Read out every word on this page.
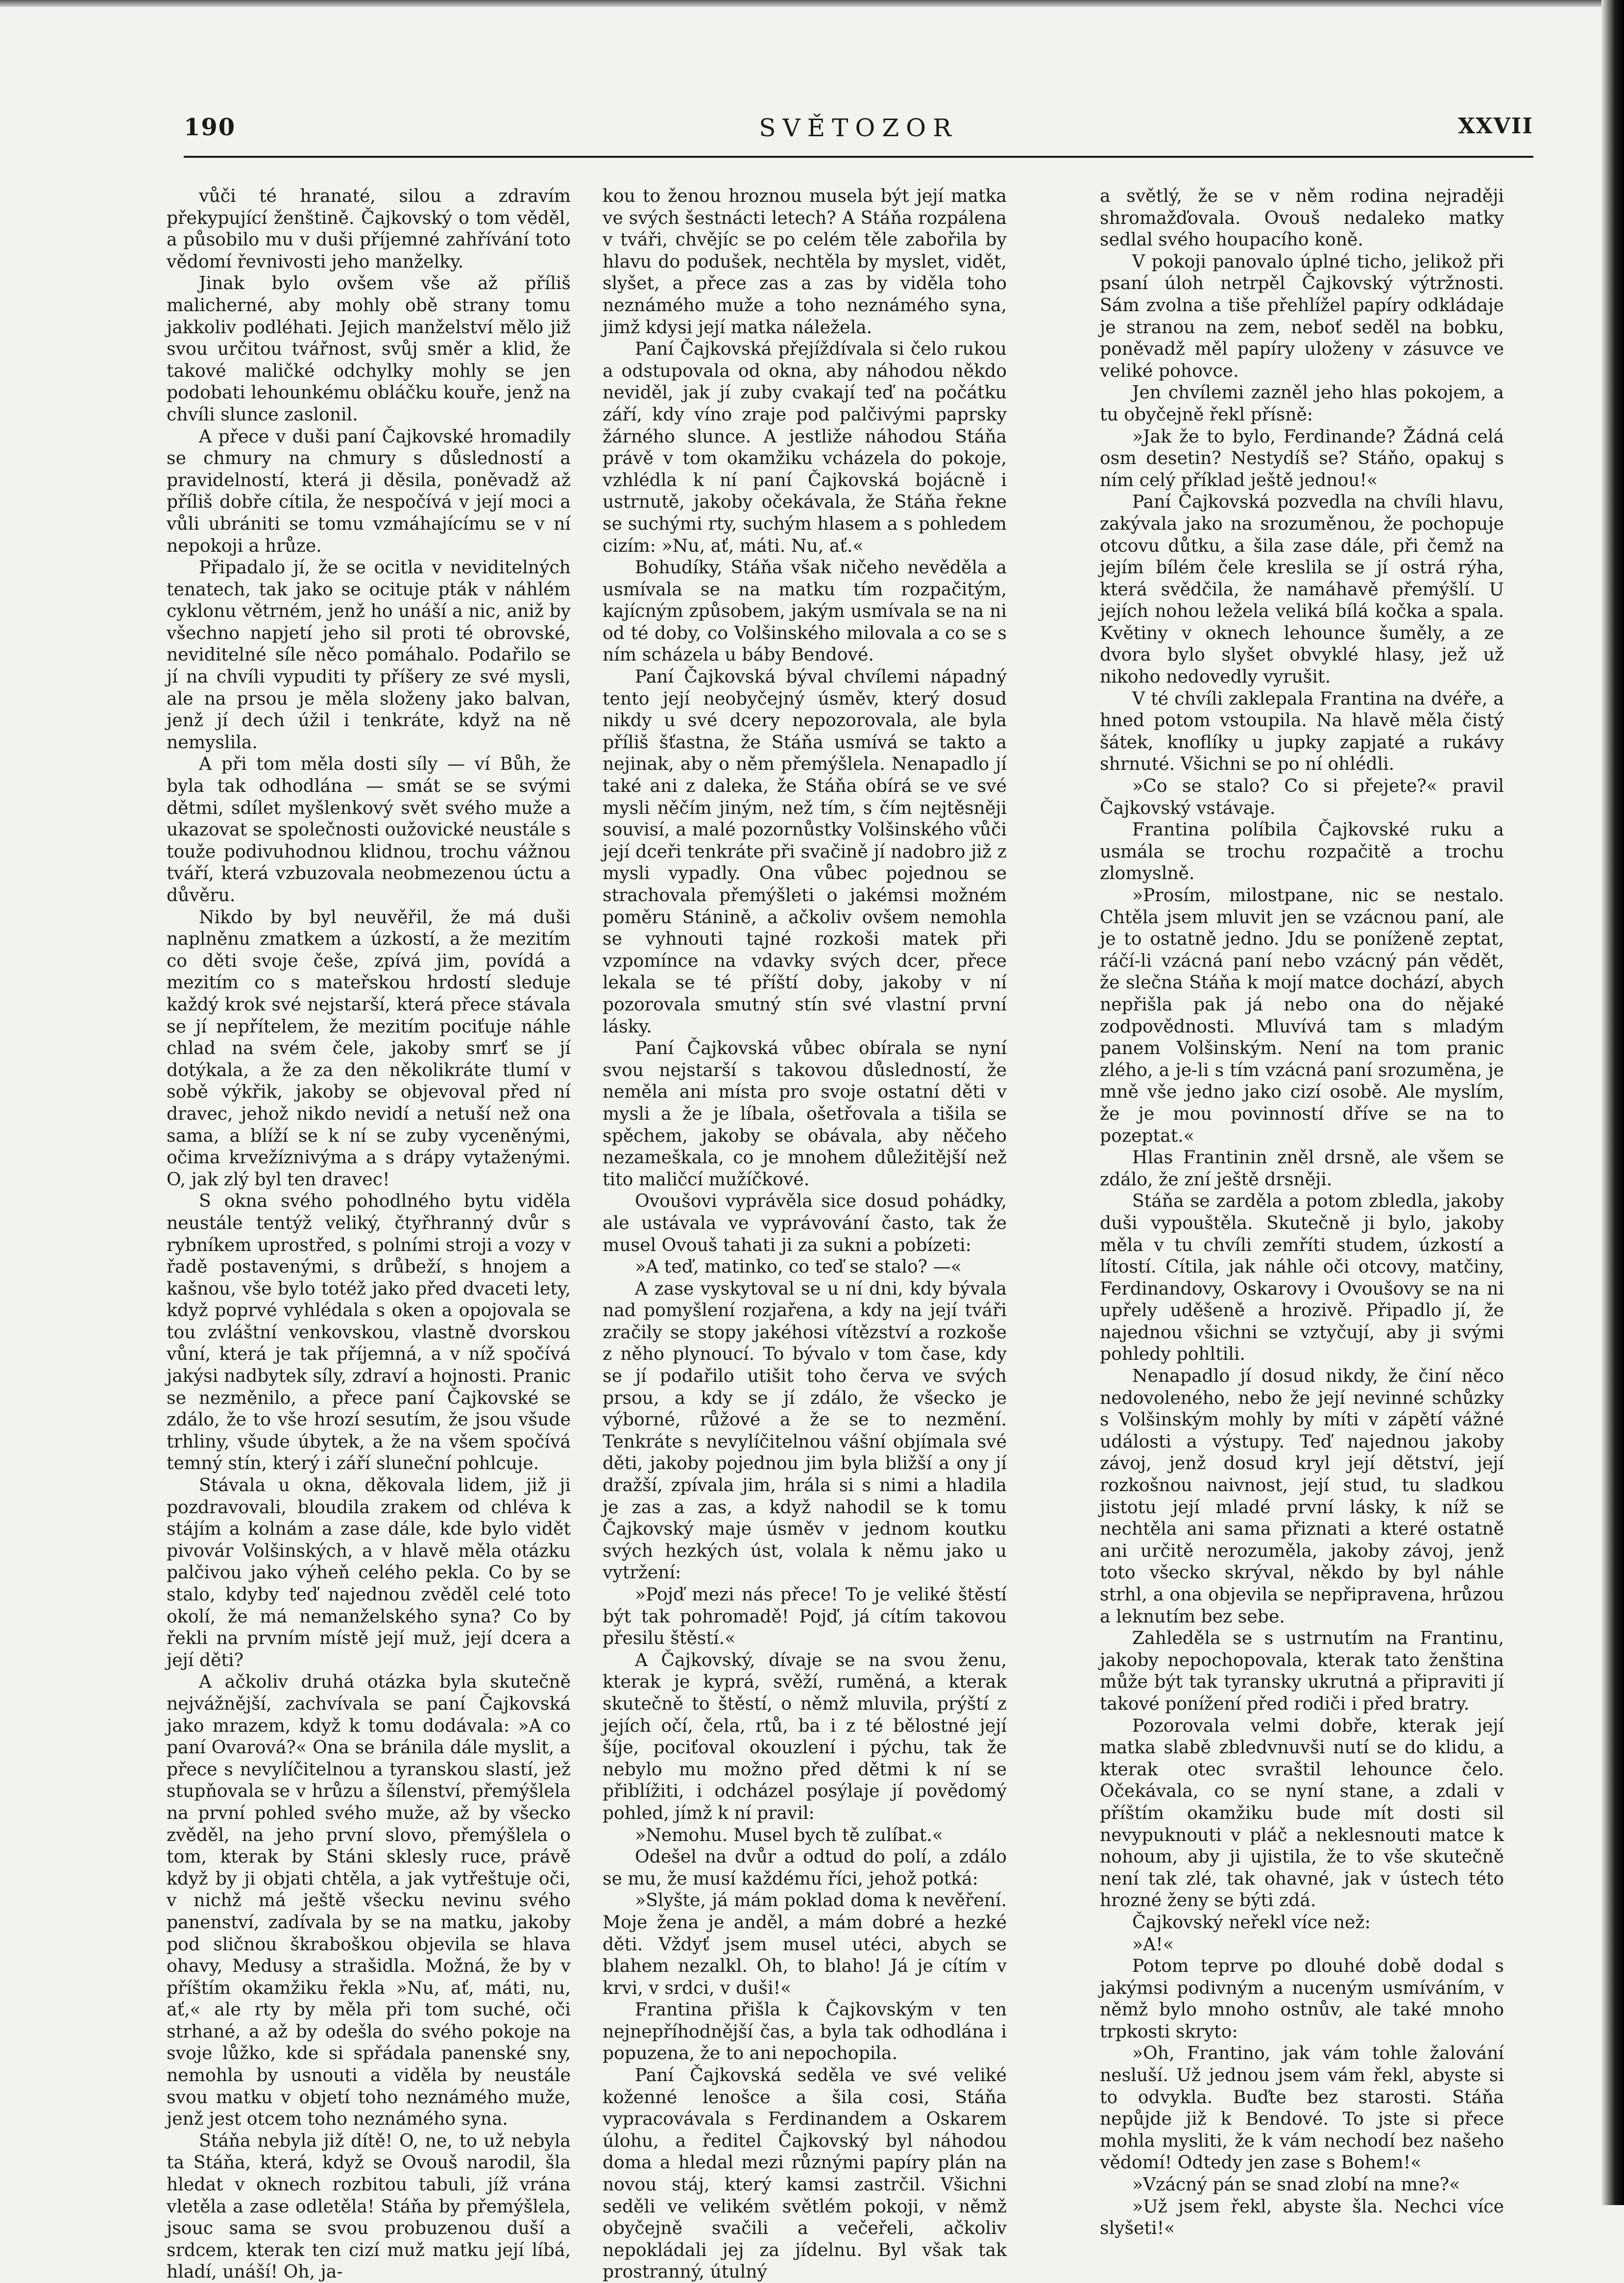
SVĚTOZOR
190	XXVII

vůči té hranaté, silou a zdravím překypující ženštině. Čajkovský o tom věděl, a působilo mu v duši příjemné zahřívání toto vědomí řevnivosti jeho manželky.

Jinak bylo ovšem vše až příliš malicherné, aby mohly obě strany tomu jakkoliv podléhati. Jejich manželství mělo již svou určitou tvářnost, svůj směr a klid, že takové maličké odchylky mohly se jen podobati lehounkému obláčku kouře, jenž na chvíli slunce zaslonil.

A přece v duši paní Čajkovské hromadily se chmury na chmury s důsledností a pravidelností, která ji děsila, poněvadž až příliš dobře cítila, že nespočívá v její moci a vůli ubrániti se tomu vzmáhajícímu se v ní nepokoji a hrůze.

Připadalo jí, že se ocitla v neviditelných tenatech, tak jako se ocituje pták v náhlém cyklonu větrném, jenž ho unáší a nic, aniž by všechno napjetí jeho sil proti té obrovské, neviditelné síle něco pomáhalo. Podařilo se jí na chvíli vypuditi ty příšery ze své mysli, ale na prsou je měla složeny jako balvan, jenž jí dech úžil i tenkráte, když na ně nemyslila.

A při tom měla dosti síly — ví Bůh, že byla tak odhodlána — smát se se svými dětmi, sdílet myšlenkový svět svého muže a ukazovat se společnosti oužovické neustále s touže podivuhodnou klidnou, trochu vážnou tváří, která vzbuzovala neobmezenou úctu a důvěru.

Nikdo by byl neuvěřil, že má duši naplněnu zmatkem a úzkostí, a že mezitím co děti svoje češe, zpívá jim, povídá a mezitím co s mateřskou hrdostí sleduje každý krok své nejstarší, která přece stávala se jí nepřítelem, že mezitím pociťuje náhle chlad na svém čele, jakoby smrť se jí dotýkala, a že za den několikráte tlumí v sobě výkřik, jakoby se objevoval před ní dravec, jehož nikdo nevidí a netuší než ona sama, a blíží se k ní se zuby vyceněnými, očima krvežíznivýma a s drápy vytaženými. O, jak zlý byl ten dravec!

S okna svého pohodlného bytu viděla neustále tentýž veliký, čtyřhranný dvůr s rybníkem uprostřed, s polními stroji a vozy v řadě postavenými, s drůbeží, s hnojem a kašnou, vše bylo totéž jako před dvaceti lety, když poprvé vyhlédala s oken a opojovala se tou zvláštní venkovskou, vlastně dvorskou vůní, která je tak příjemná, a v níž spočívá jakýsi nadbytek síly, zdraví a hojnosti. Pranic se nezměnilo, a přece paní Čajkovské se zdálo, že to vše hrozí sesutím, že jsou všude trhliny, všude úbytek, a že na všem spočívá temný stín, který i září sluneční pohlcuje.

Stávala u okna, děkovala lidem, již ji pozdravovali, bloudila zrakem od chléva k stájím a kolnám a zase dále, kde bylo vidět pivovár Volšinských, a v hlavě měla otázku palčivou jako výheň celého pekla. Co by se stalo, kdyby teď najednou zvěděl celé toto okolí, že má nemanželského syna? Co by řekli na prvním místě její muž, její dcera a její děti?

A ačkoliv druhá otázka byla skutečně nejvážnější, zachvívala se paní Čajkovská jako mrazem, když k tomu dodávala: »A co paní Ovarová?« Ona se bránila dále myslit, a přece s nevylíčitelnou a tyranskou slastí, jež stupňovala se v hrůzu a šílenství, přemýšlela na první pohled svého muže, až by všecko zvěděl, na jeho první slovo, přemýšlela o tom, kterak by Stáni sklesly ruce, právě když by ji objati chtěla, a jak vytřeštuje oči, v nichž má ještě všecku nevinu svého panenství, zadívala by se na matku, jakoby pod sličnou škraboškou objevila se hlava ohavy, Medusy a strašidla. Možná, že by v příštím okamžiku řekla »Nu, ať, máti, nu, ať,« ale rty by měla při tom suché, oči strhané, a až by odešla do svého pokoje na svoje lůžko, kde si spřádala panenské sny, nemohla by usnouti a viděla by neustále svou matku v objetí toho neznámého muže, jenž jest otcem toho neznámého syna.

Stáňa nebyla již dítě! O, ne, to už nebyla ta Stáňa, která, když se Ovouš narodil, šla hledat v oknech rozbitou tabuli, jíž vrána vletěla a zase odletěla! Stáňa by přemýšlela, jsouc sama se svou probuzenou duší a srdcem, kterak ten cizí muž matku její líbá, hladí, unáší! Oh, ja-

kou to ženou hroznou musela být její matka ve svých šestnácti letech? A Stáňa rozpálena v tváři, chvějíc se po celém těle zabořila by hlavu do podušek, nechtěla by myslet, vidět, slyšet, a přece zas a zas by viděla toho neznámého muže a toho neznámého syna, jimž kdysi její matka náležela.

Paní Čajkovská přejíždívala si čelo rukou a odstupovala od okna, aby náhodou někdo neviděl, jak jí zuby cvakají teď na počátku září, kdy víno zraje pod palčivými paprsky žárného slunce. A jestliže náhodou Stáňa právě v tom okamžiku vcházela do pokoje, vzhlédla k ní paní Čajkovská bojácně i ustrnutě, jakoby očekávala, že Stáňa řekne se suchými rty, suchým hlasem a s pohledem cizím: »Nu, ať, máti. Nu, ať.«

Bohudíky, Stáňa však ničeho nevěděla a usmívala se na matku tím rozpačitým, kajícným způsobem, jakým usmívala se na ni od té doby, co Volšinského milovala a co se s ním scházela u báby Bendové.

Paní Čajkovská býval chvílemi nápadný tento její neobyčejný úsměv, který dosud nikdy u své dcery nepozorovala, ale byla příliš šťastna, že Stáňa usmívá se takto a nejinak, aby o něm přemýšlela. Nenapadlo jí také ani z daleka, že Stáňa obírá se ve své mysli něčím jiným, než tím, s čím nejtěsněji souvisí, a malé pozornůstky Volšinského vůči její dceři tenkráte při svačině jí nadobro již z mysli vypadly. Ona vůbec pojednou se strachovala přemýšleti o jakémsi možném poměru Stánině, a ačkoliv ovšem nemohla se vyhnouti tajné rozkoši matek při vzpomínce na vdavky svých dcer, přece lekala se té příští doby, jakoby v ní pozorovala smutný stín své vlastní první lásky.

Paní Čajkovská vůbec obírala se nyní svou nejstarší s takovou důsledností, že neměla ani místa pro svoje ostatní děti v mysli a že je líbala, ošetřovala a tišila se spěchem, jakoby se obávala, aby něčeho nezameškala, co je mnohem důležitější než tito maličcí mužíčkové.

Ovoušovi vyprávěla sice dosud pohádky, ale ustávala ve vyprávování často, tak že musel Ovouš tahati ji za sukni a pobízeti:

»A teď, matinko, co teď se stalo? —«

A zase vyskytoval se u ní dni, kdy bývala nad pomyšlení rozjařena, a kdy na její tváři zračily se stopy jakéhosi vítězství a rozkoše z něho plynoucí. To bývalo v tom čase, kdy se jí podařilo utišit toho červa ve svých prsou, a kdy se jí zdálo, že všecko je výborné, růžové a že se to nezmění. Tenkráte s nevylíčitelnou vášní objímala své děti, jakoby pojednou jim byla bližší a ony jí dražší, zpívala jim, hrála si s nimi a hladila je zas a zas, a když nahodil se k tomu Čajkovský maje úsměv v jednom koutku svých hezkých úst, volala k němu jako u vytržení:

»Pojď mezi nás přece! To je veliké štěstí být tak pohromadě! Pojď, já cítím takovou přesilu štěstí.«

A Čajkovský, dívaje se na svou ženu, kterak je kyprá, svěží, ruměná, a kterak skutečně to štěstí, o němž mluvila, prýští z jejích očí, čela, rtů, ba i z té bělostné její šíje, pociťoval okouzlení i pýchu, tak že nebylo mu možno před dětmi k ní se přiblížiti, i odcházel posýlaje jí povědomý pohled, jímž k ní pravil:

»Nemohu. Musel bych tě zulíbat.«

Odešel na dvůr a odtud do polí, a zdálo se mu, že musí každému říci, jehož potká:

»Slyšte, já mám poklad doma k nevěření. Moje žena je anděl, a mám dobré a hezké děti. Vždyť jsem musel utéci, abych se blahem nezalkl. Oh, to blaho! Já je cítím v krvi, v srdci, v duši!«

Frantina přišla k Čajkovským v ten nejnepříhodnější čas, a byla tak odhodlána i popuzena, že to ani nepochopila.

Paní Čajkovská seděla ve své veliké koženné lenošce a šila cosi, Stáňa vypracovávala s Ferdinandem a Oskarem úlohu, a ředitel Čajkovský byl náhodou doma a hledal mezi různými papíry plán na novou stáj, který kamsi zastrčil. Všichni seděli ve velikém světlém pokoji, v němž obyčejně svačili a večeřeli, ačkoliv nepokládali jej za jídelnu. Byl však tak prostranný, útulný

a světlý, že se v něm rodina nejraději shromažďovala. Ovouš nedaleko matky sedlal svého houpacího koně.

V pokoji panovalo úplné ticho, jelikož při psaní úloh netrpěl Čajkovský výtržnosti. Sám zvolna a tiše přehlížel papíry odkládaje je stranou na zem, neboť seděl na bobku, poněvadž měl papíry uloženy v zásuvce ve veliké pohovce.

Jen chvílemi zazněl jeho hlas pokojem, a tu obyčejně řekl přísně:

»Jak že to bylo, Ferdinande? Žádná celá osm desetin? Nestydíš se? Stáňo, opakuj s ním celý příklad ještě jednou!«

Paní Čajkovská pozvedla na chvíli hlavu, zakývala jako na srozuměnou, že pochopuje otcovu důtku, a šila zase dále, při čemž na jejím bílém čele kreslila se jí ostrá rýha, která svědčila, že namáhavě přemýšlí. U jejích nohou ležela veliká bílá kočka a spala. Květiny v oknech lehounce šuměly, a ze dvora bylo slyšet obvyklé hlasy, jež už nikoho nedovedly vyrušit.

V té chvíli zaklepala Frantina na dvéře, a hned potom vstoupila. Na hlavě měla čistý šátek, knoflíky u jupky zapjaté a rukávy shrnuté. Všichni se po ní ohlédli.

»Co se stalo? Co si přejete?« pravil Čajkovský vstávaje.

Frantina políbila Čajkovské ruku a usmála se trochu rozpačitě a trochu zlomyslně.

»Prosím, milostpane, nic se nestalo. Chtěla jsem mluvit jen se vzácnou paní, ale je to ostatně jedno. Jdu se poníženě zeptat, ráčí-li vzácná paní nebo vzácný pán vědět, že slečna Stáňa k mojí matce dochází, abych nepřišla pak já nebo ona do nějaké zodpovědnosti. Mluvívá tam s mladým panem Volšinským. Není na tom pranic zlého, a je-li s tím vzácná paní srozuměna, je mně vše jedno jako cizí osobě. Ale myslím, že je mou povinností dříve se na to pozeptat.«

Hlas Frantinin zněl drsně, ale všem se zdálo, že zní ještě drsněji.

Stáňa se zarděla a potom zbledla, jakoby duši vypouštěla. Skutečně ji bylo, jakoby měla v tu chvíli zemříti studem, úzkostí a lítostí. Cítila, jak náhle oči otcovy, matčiny, Ferdinandovy, Oskarovy i Ovoušovy se na ni upřely uděšeně a hrozivě. Připadlo jí, že najednou všichni se vztyčují, aby ji svými pohledy pohltili.

Nenapadlo jí dosud nikdy, že činí něco nedovoleného, nebo že její nevinné schůzky s Volšinským mohly by míti v zápětí vážné události a výstupy. Teď najednou jakoby závoj, jenž dosud kryl její dětství, její rozkošnou naivnost, její stud, tu sladkou jistotu její mladé první lásky, k níž se nechtěla ani sama přiznati a které ostatně ani určitě nerozuměla, jakoby závoj, jenž toto všecko skrýval, někdo by byl náhle strhl, a ona objevila se nepřipravena, hrůzou a leknutím bez sebe.

Zahleděla se s ustrnutím na Frantinu, jakoby nepochopovala, kterak tato ženština může být tak tyransky ukrutná a připraviti jí takové ponížení před rodiči i před bratry.

Pozorovala velmi dobře, kterak její matka slabě zbledvnuvši nutí se do klidu, a kterak otec svraštil lehounce čelo. Očekávala, co se nyní stane, a zdali v příštím okamžiku bude mít dosti sil nevypuknouti v pláč a neklesnouti matce k nohoum, aby ji ujistila, že to vše skutečně není tak zlé, tak ohavné, jak v ústech této hrozné ženy se býti zdá.

Čajkovský neřekl více než:

»A!«

Potom teprve po dlouhé době dodal s jakýmsi podivným a nuceným usmíváním, v němž bylo mnoho ostnův, ale také mnoho trpkosti skryto:

»Oh, Frantino, jak vám tohle žalování nesluší. Už jednou jsem vám řekl, abyste si to odvykla. Buďte bez starosti. Stáňa nepůjde již k Bendové. To jste si přece mohla mysliti, že k vám nechodí bez našeho vědomí! Odtedy jen zase s Bohem!«

»Vzácný pán se snad zlobí na mne?«

»Už jsem řekl, abyste šla. Nechci více slyšeti!«
